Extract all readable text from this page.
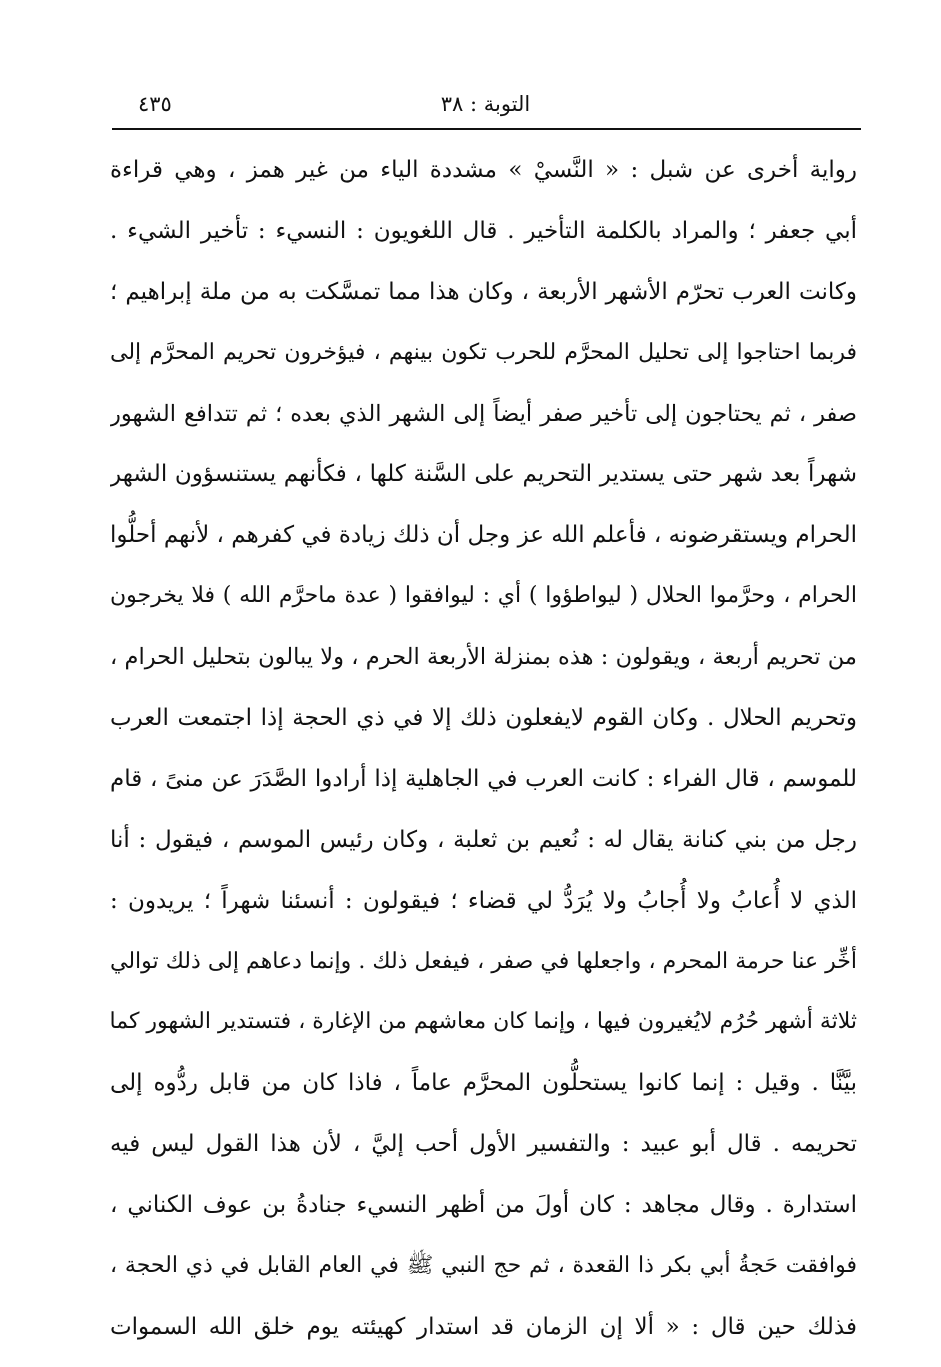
التوبة : ٣٨
٤٣٥
رواية أخرى عن شبل : « النَّسيْ » مشددة الياء من غير همز ، وهي قراءة
أبي جعفر ؛ والمراد بالكلمة التأخير . قال اللغويون : النسيء : تأخير الشيء .
وكانت العرب تحرّم الأشهر الأربعة ، وكان هذا مما تمسَّكت به من ملة إبراهيم ؛
فربما احتاجوا إلى تحليل المحرَّم للحرب تكون بينهم ، فيؤخرون تحريم المحرَّم إلى
صفر ، ثم يحتاجون إلى تأخير صفر أيضاً إلى الشهر الذي بعده ؛ ثم تتدافع الشهور
شهراً بعد شهر حتى يستدير التحريم على السَّنة كلها ، فكأنهم يستنسؤون الشهر
الحرام ويستقرضونه ، فأعلم الله عز وجل أن ذلك زيادة في كفرهم ، لأنهم أحلُّوا
الحرام ، وحرَّموا الحلال ( ليواطؤوا ) أي : ليوافقوا ( عدة ماحرَّم الله ) فلا يخرجون
من تحريم أربعة ، ويقولون : هذه بمنزلة الأربعة الحرم ، ولا يبالون بتحليل الحرام ،
وتحريم الحلال . وكان القوم لايفعلون ذلك إلا في ذي الحجة إذا اجتمعت العرب
للموسم ، قال الفراء : كانت العرب في الجاهلية إذا أرادوا الصَّدَرَ عن منىً ، قام
رجل من بني كنانة يقال له : نُعيم بن ثعلبة ، وكان رئيس الموسم ، فيقول : أنا
الذي لا أُعابُ ولا أُجابُ ولا يُرَدُّ لي قضاء ؛ فيقولون : أنسئنا شهراً ؛ يريدون :
أخِّر عنا حرمة المحرم ، واجعلها في صفر ، فيفعل ذلك . وإنما دعاهم إلى ذلك توالي
ثلاثة أشهر حُرُم لايُغيرون فيها ، وإنما كان معاشهم من الإغارة ، فتستدير الشهور كما
بيَّنَّا . وقيل : إنما كانوا يستحلُّون المحرَّم عاماً ، فاذا كان من قابل ردُّوه إلى
تحريمه . قال أبو عبيد : والتفسير الأول أحب إليَّ ، لأن هذا القول ليس فيه
استدارة . وقال مجاهد : كان أولَ من أظهر النسيء جنادةُ بن عوف الكناني ،
فوافقت حَجةُ أبي بكر ذا القعدة ، ثم حج النبي ﷺ في العام القابل في ذي الحجة ،
فذلك حين قال : « ألا إن الزمان قد استدار كهيئته يوم خلق الله السموات
